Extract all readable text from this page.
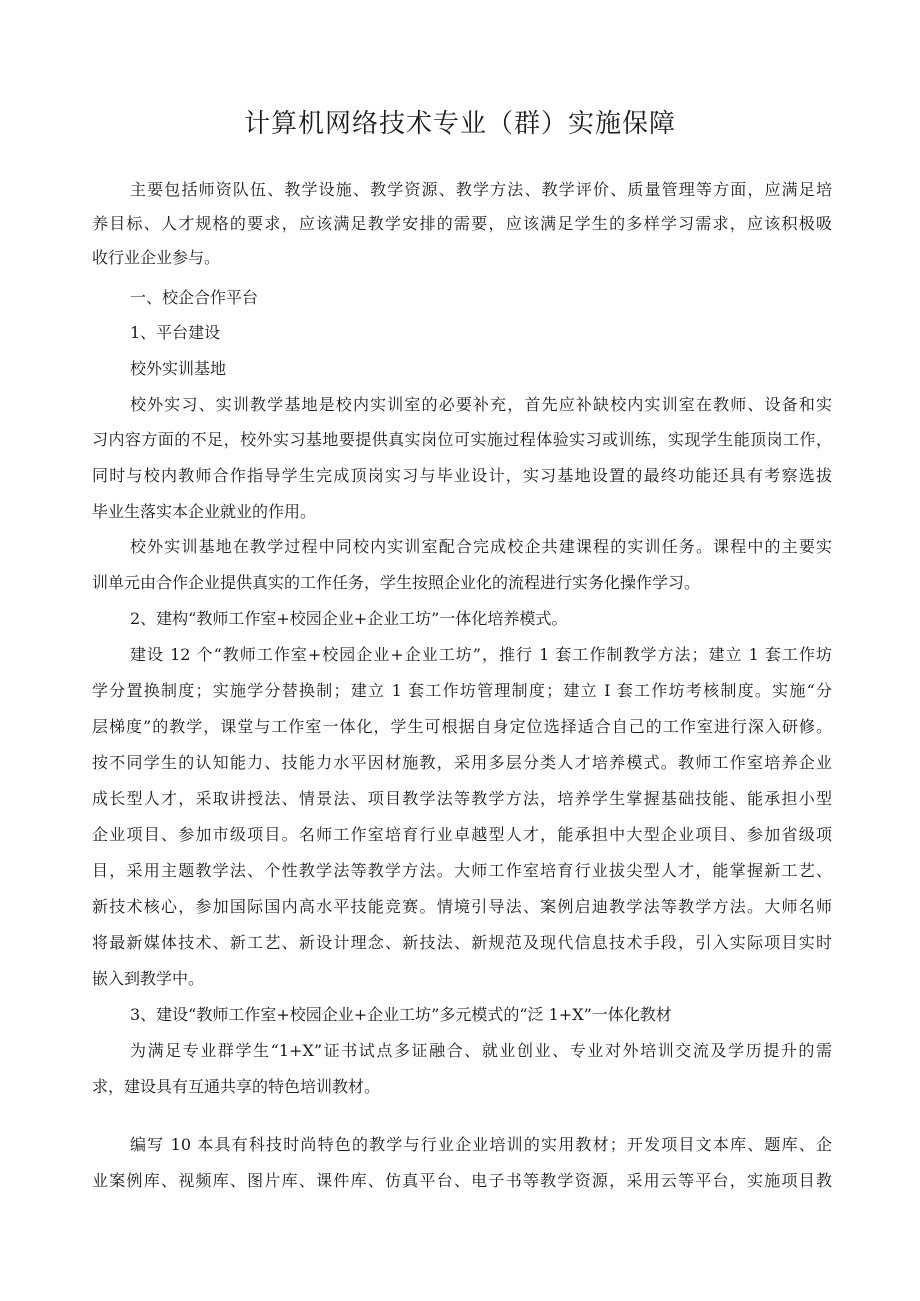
计算机网络技术专业（群）实施保障
主要包括师资队伍、教学设施、教学资源、教学方法、教学评价、质量管理等方面，应满足培
养目标、人才规格的要求，应该满足教学安排的需要，应该满足学生的多样学习需求，应该积极吸
收行业企业参与。
一、校企合作平台
1、平台建设
校外实训基地
校外实习、实训教学基地是校内实训室的必要补充，首先应补缺校内实训室在教师、设备和实
习内容方面的不足，校外实习基地要提供真实岗位可实施过程体验实习或训练，实现学生能顶岗工作，
同时与校内教师合作指导学生完成顶岗实习与毕业设计，实习基地设置的最终功能还具有考察选拔
毕业生落实本企业就业的作用。
校外实训基地在教学过程中同校内实训室配合完成校企共建课程的实训任务。课程中的主要实
训单元由合作企业提供真实的工作任务，学生按照企业化的流程进行实务化操作学习。
2、建构“教师工作室+校园企业+企业工坊”一体化培养模式。
建设 12 个“教师工作室+校园企业+企业工坊”，推行 1 套工作制教学方法；建立 1 套工作坊
学分置换制度；实施学分替换制；建立 1 套工作坊管理制度；建立 I 套工作坊考核制度。实施“分
层梯度”的教学，课堂与工作室一体化，学生可根据自身定位选择适合自己的工作室进行深入研修。
按不同学生的认知能力、技能力水平因材施教，采用多层分类人才培养模式。教师工作室培养企业
成长型人才，采取讲授法、情景法、项目教学法等教学方法，培养学生掌握基础技能、能承担小型
企业项目、参加市级项目。名师工作室培育行业卓越型人才，能承担中大型企业项目、参加省级项
目，采用主题教学法、个性教学法等教学方法。大师工作室培育行业拔尖型人才，能掌握新工艺、
新技术核心，参加国际国内高水平技能竞赛。情境引导法、案例启迪教学法等教学方法。大师名师
将最新媒体技术、新工艺、新设计理念、新技法、新规范及现代信息技术手段，引入实际项目实时
嵌入到教学中。
3、建设“教师工作室+校园企业+企业工坊”多元模式的“泛 1+X”一体化教材
为满足专业群学生“1+X”证书试点多证融合、就业创业、专业对外培训交流及学历提升的需
求，建设具有互通共享的特色培训教材。
编写 10 本具有科技时尚特色的教学与行业企业培训的实用教材；开发项目文本库、题库、企
业案例库、视频库、图片库、课件库、仿真平台、电子书等教学资源，采用云等平台，实施项目教
